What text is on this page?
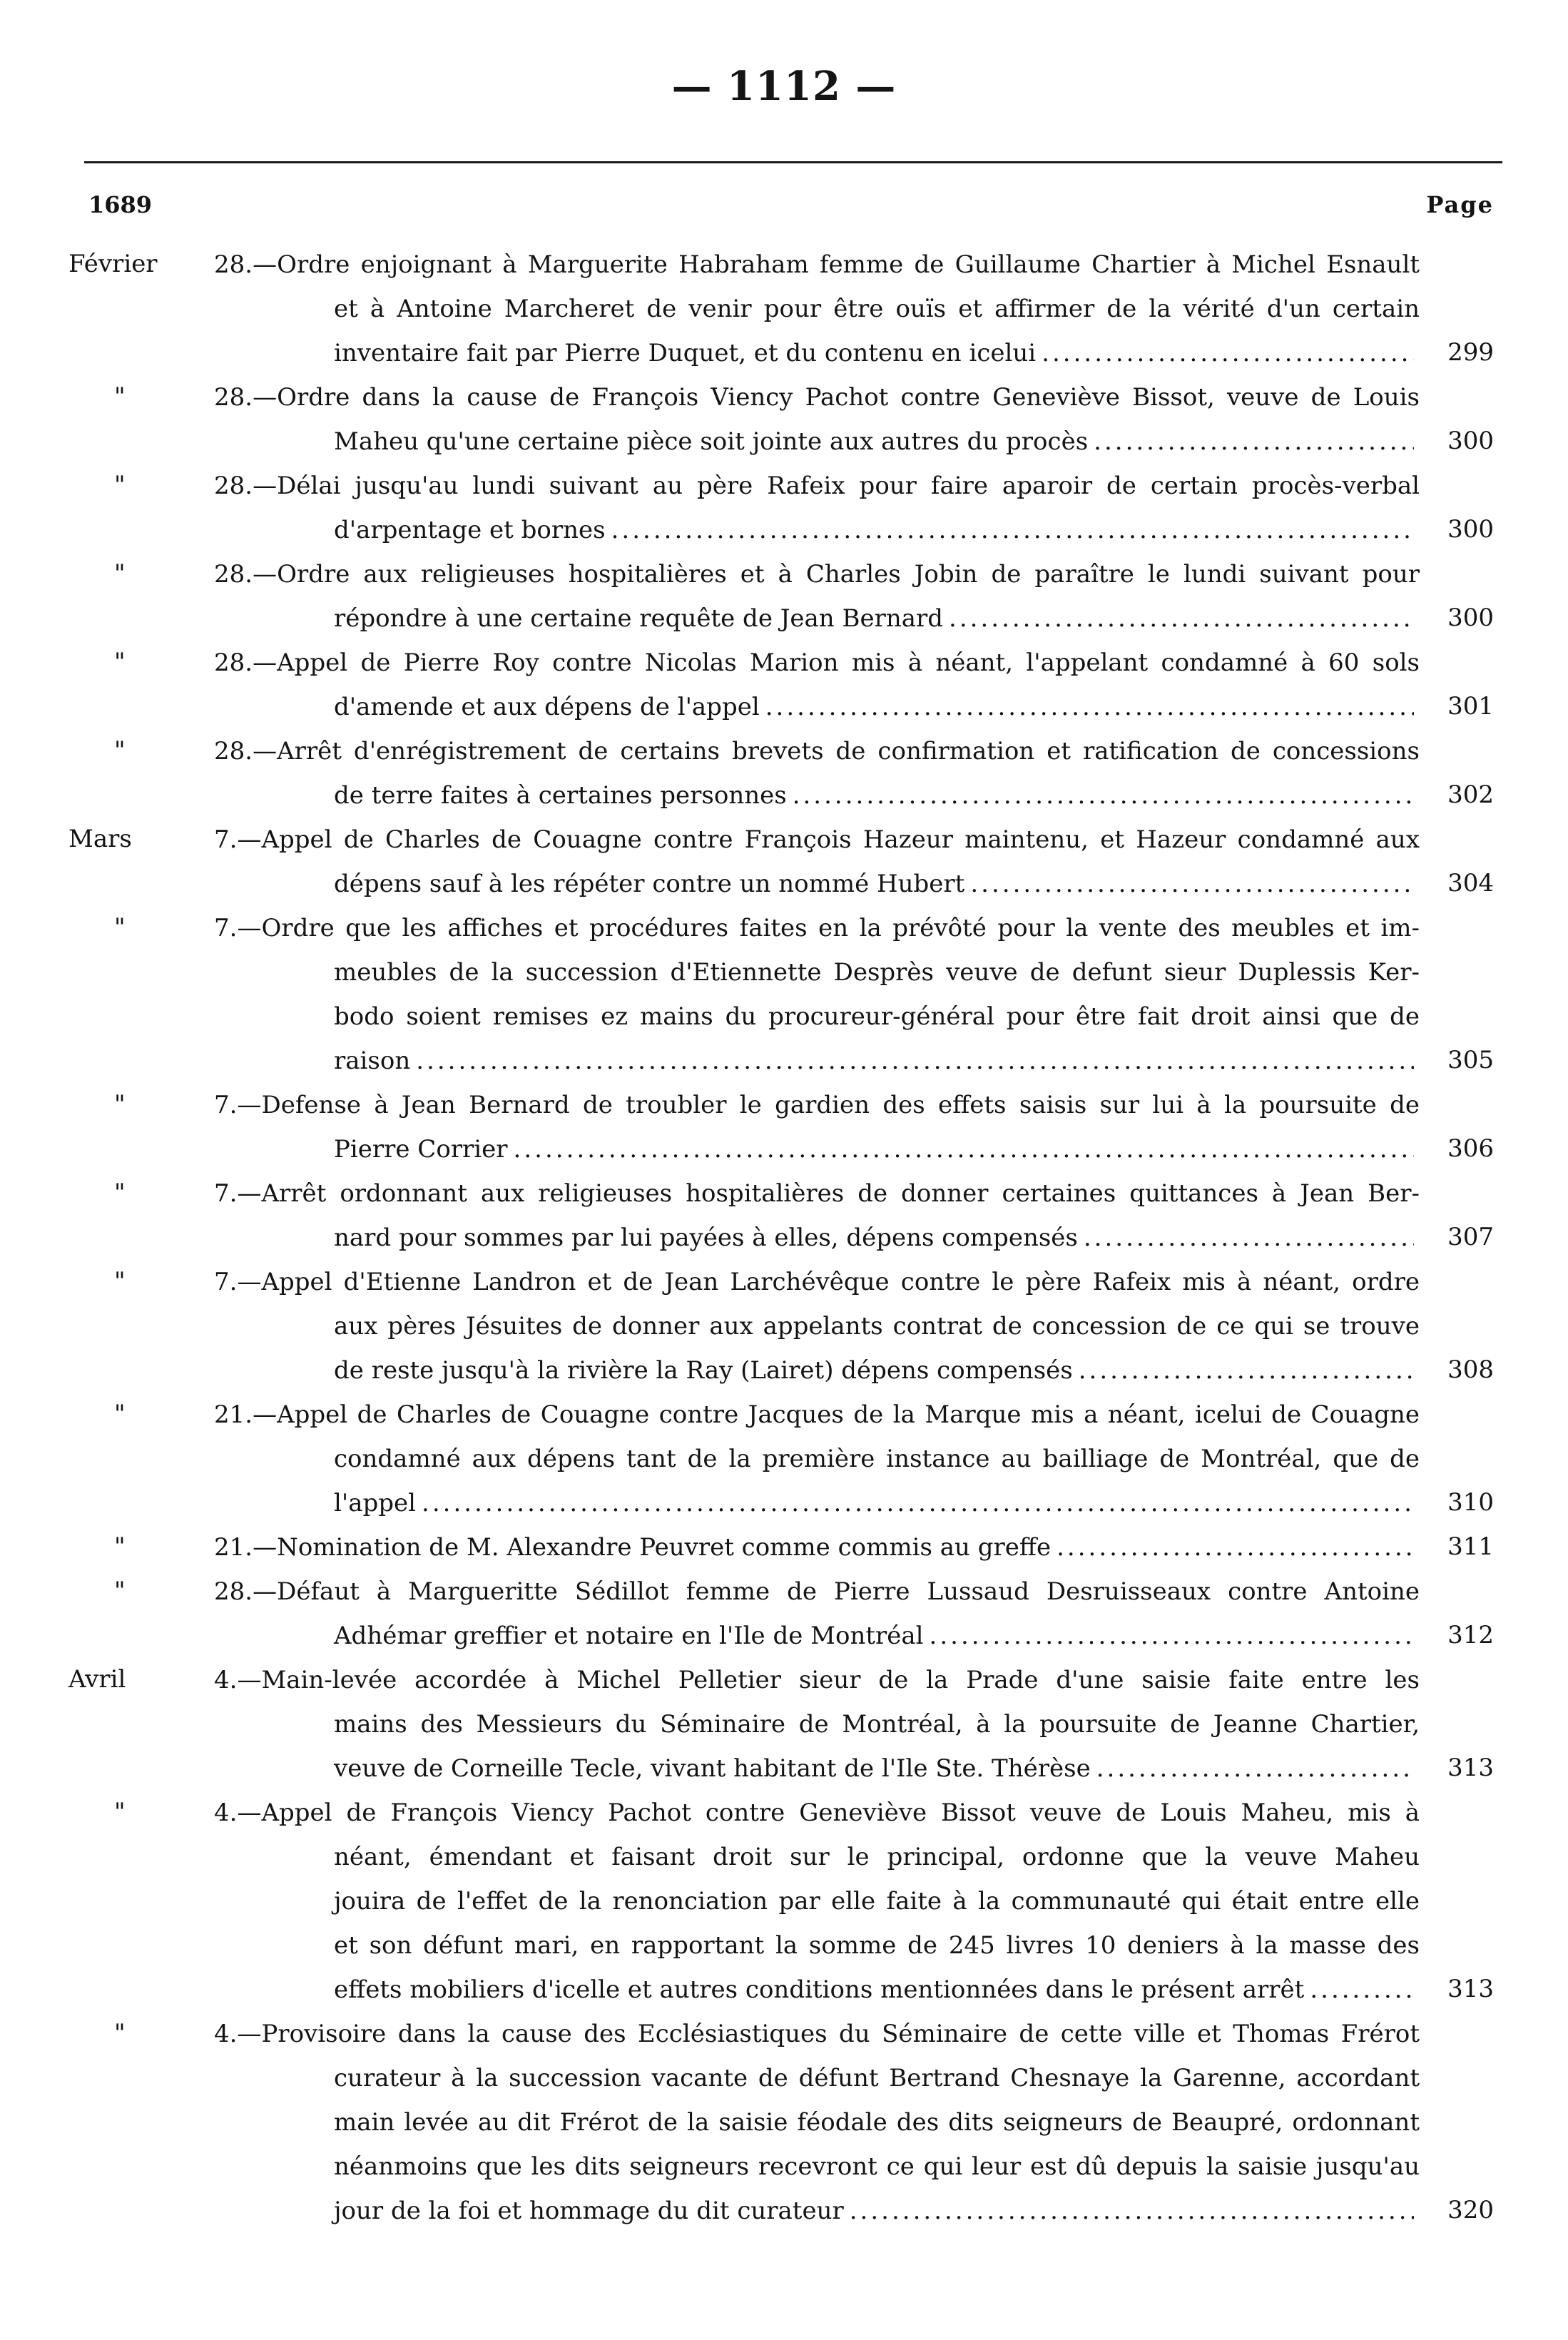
— 1112 —
1689	Page
Février 28.—Ordre enjoignant à Marguerite Habraham femme de Guillaume Chartier à Michel Esnault
et à Antoine Marcheret de venir pour être ouïs et affirmer de la vérité d'un certain
inventaire fait par Pierre Duquet, et du contenu en icelui .....	299
"	28.—Ordre dans la cause de François Viency Pachot contre Geneviève Bissot, veuve de Louis
Maheu qu'une certaine pièce soit jointe aux autres du procès .....	300
"	28.—Délai jusqu'au lundi suivant au père Rafeix pour faire aparoir de certain procès-verbal
d'arpentage et bornes .....	300
"	28.—Ordre aux religieuses hospitalières et à Charles Jobin de paraître le lundi suivant pour
répondre à une certaine requête de Jean Bernard .....	300
"	28.—Appel de Pierre Roy contre Nicolas Marion mis à néant, l'appelant condamné à 60 sols
d'amende et aux dépens de l'appel .....	301
"	28.—Arrêt d'enrégistrement de certains brevets de confirmation et ratification de concessions
de terre faites à certaines personnes .....	302
Mars	7.—Appel de Charles de Couagne contre François Hazeur maintenu, et Hazeur condamné aux
dépens sauf à les répéter contre un nommé Hubert .....	304
"	7.—Ordre que les affiches et procédures faites en la prévôté pour la vente des meubles et im-
meubles de la succession d'Etiennette Desprès veuve de defunt sieur Duplessis Ker-
bodo soient remises ez mains du procureur-général pour être fait droit ainsi que de
raison .....	305
"	7.—Defense à Jean Bernard de troubler le gardien des effets saisis sur lui à la poursuite de
Pierre Corrier .....	306
"	7.—Arrêt ordonnant aux religieuses hospitalières de donner certaines quittances à Jean Ber-
nard pour sommes par lui payées à elles, dépens compensés .....	307
"	7.—Appel d'Etienne Landron et de Jean Larchévêque contre le père Rafeix mis à néant, ordre
aux pères Jésuites de donner aux appelants contrat de concession de ce qui se trouve
de reste jusqu'à la rivière la Ray (Lairet) dépens compensés .....	308
"	21.—Appel de Charles de Couagne contre Jacques de la Marque mis a néant, icelui de Couagne
condamné aux dépens tant de la première instance au bailliage de Montréal, que de
l'appel .....	310
"	21. —Nomination de M. Alexandre Peuvret comme commis au greffe .....	311
"	28.—Défaut à Margueritte Sédillot femme de Pierre Lussaud Desruisseaux contre Antoine
Adhémar greffier et notaire en l'Ile de Montréal .....	312
Avril	4.—Main-levée accordée à Michel Pelletier sieur de la Prade d'une saisie faite entre les
mains des Messieurs du Séminaire de Montréal, à la poursuite de Jeanne Chartier,
veuve de Corneille Tecle, vivant habitant de l'Ile Ste. Thérèse .....	313
"	4.—Appel de François Viency Pachot contre Geneviève Bissot veuve de Louis Maheu, mis à
néant, émendant et faisant droit sur le principal, ordonne que la veuve Maheu
jouira de l'effet de la renonciation par elle faite à la communauté qui était entre elle
et son défunt mari, en rapportant la somme de 245 livres 10 deniers à la masse des
effets mobiliers d'icelle et autres conditions mentionnées dans le présent arrêt .....	313
"	4.—Provisoire dans la cause des Ecclésiastiques du Séminaire de cette ville et Thomas Frérot
curateur à la succession vacante de défunt Bertrand Chesnaye la Garenne, accordant
main levée au dit Frérot de la saisie féodale des dits seigneurs de Beaupré, ordonnant
néanmoins que les dits seigneurs recevront ce qui leur est dû depuis la saisie jusqu'au
jour de la foi et hommage du dit curateur .....	320
